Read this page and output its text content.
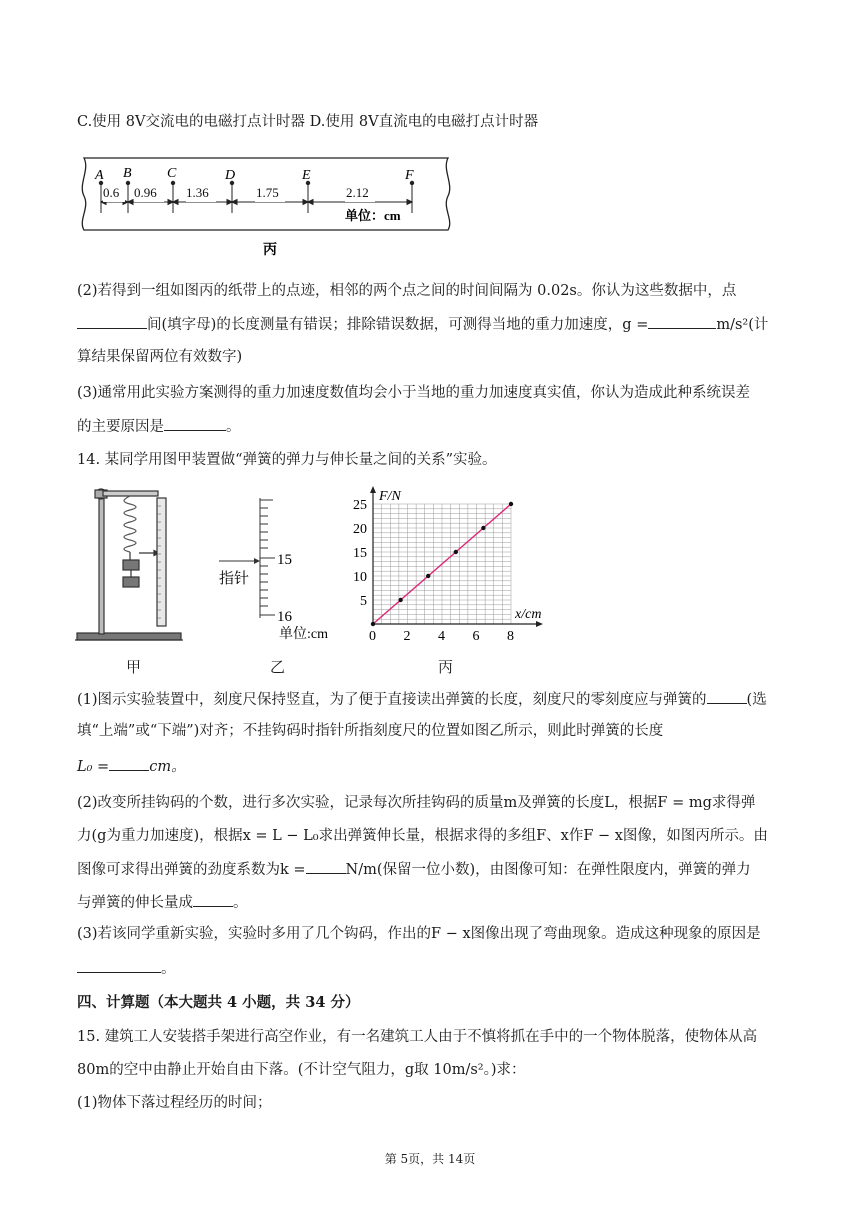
C.使用 8V交流电的电磁打点计时器 D.使用 8V直流电的电磁打点计时器
A B	C	D	E	F
0.6 0.96 1.36	1.75	2.12
单位：cm
丙
(2)若得到一组如图丙的纸带上的点迹，相邻的两个点之间的时间间隔为 0.02s。你认为这些数据中，点
间(填字母)的长度测量有错误；排除错误数据，可测得当地的重力加速度，g =	m/s²(计
算结果保留两位有效数字)
(3)通常用此实验方案测得的重力加速度数值均会小于当地的重力加速度真实值，你认为造成此种系统误差
的主要原因是	。
14. 某同学用图甲装置做“弹簧的弹力与伸长量之间的关系”实验。
15
16
指针
单位:cm	0 2 4 6 8
5
10
15
20
25
F/N
x/cm
甲	乙	丙
(1)图示实验装置中，刻度尺保持竖直，为了便于直接读出弹簧的长度，刻度尺的零刻度应与弹簧的	(选
填“上端”或“下端”)对齐；不挂钩码时指针所指刻度尺的位置如图乙所示，则此时弹簧的长度
L₀ =	cm。
(2)改变所挂钩码的个数，进行多次实验，记录每次所挂钩码的质量m及弹簧的长度L，根据F = mg求得弹
力(g为重力加速度)，根据x = L − L₀求出弹簧伸长量，根据求得的多组F、x作F − x图像，如图丙所示。由
图像可求得出弹簧的劲度系数为k =	N/m(保留一位小数)，由图像可知：在弹性限度内，弹簧的弹力
与弹簧的伸长量成	。
(3)若该同学重新实验，实验时多用了几个钩码，作出的F − x图像出现了弯曲现象。造成这种现象的原因是
。
四、计算题（本大题共 4 小题，共 34 分）
15. 建筑工人安装搭手架进行高空作业，有一名建筑工人由于不慎将抓在手中的一个物体脱落，使物体从高
80m的空中由静止开始自由下落。(不计空气阻力，g取 10m/s²。)求：
(1)物体下落过程经历的时间；
第 5页，共 14页
